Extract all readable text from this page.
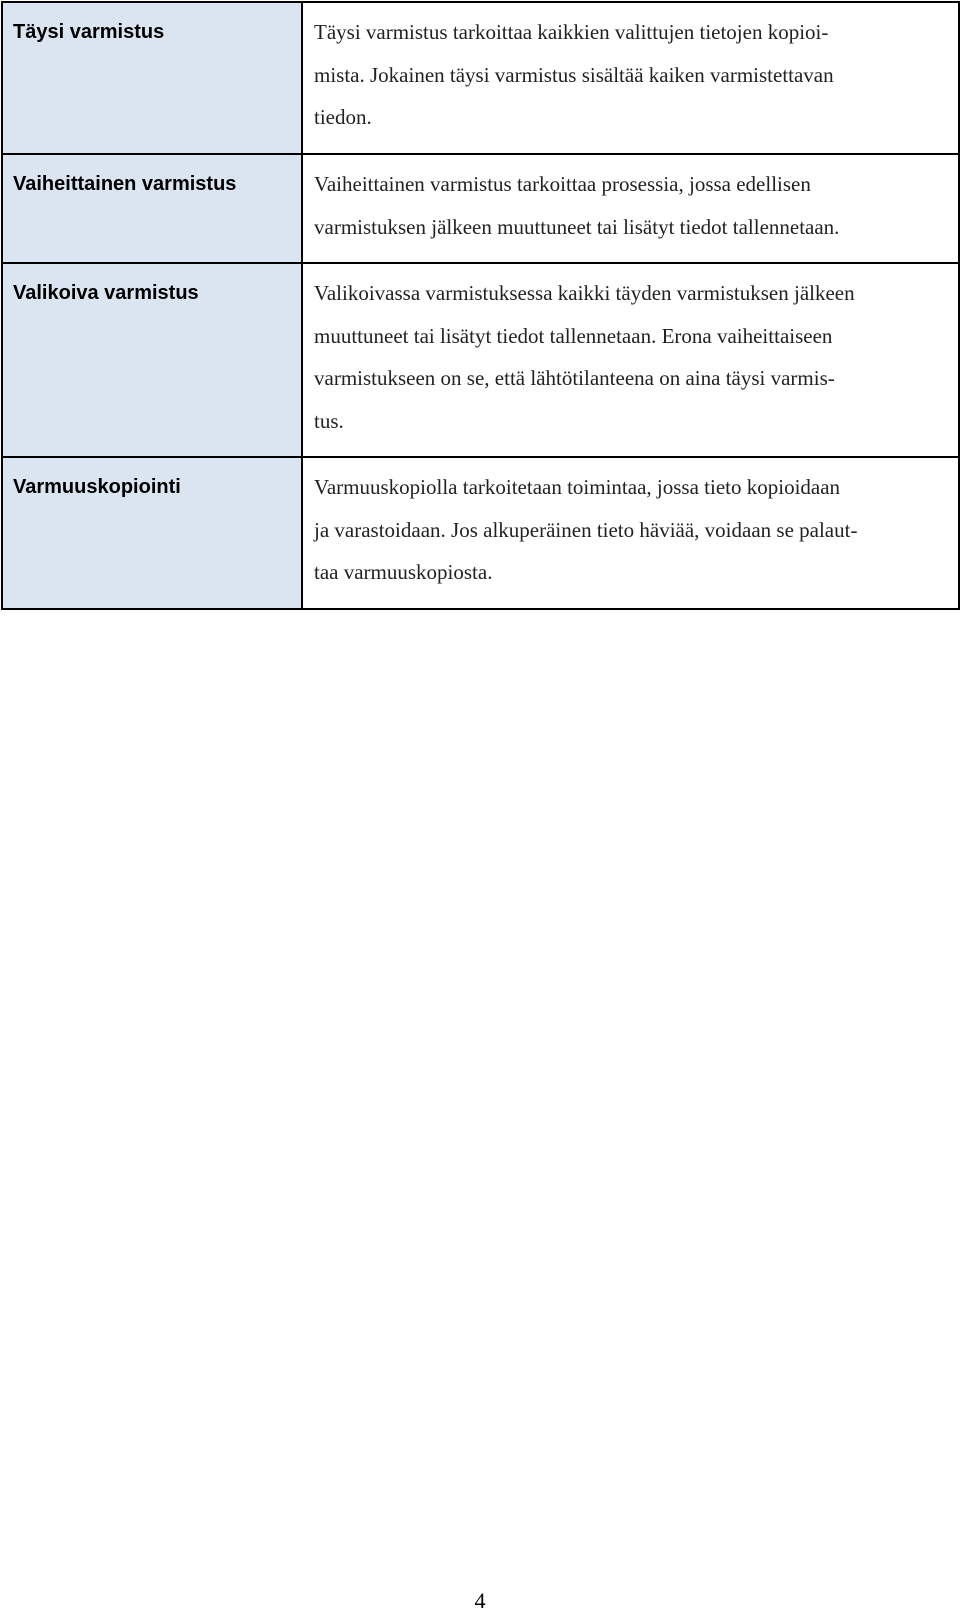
Täysi varmistus	Täysi varmistus tarkoittaa kaikkien valittujen tietojen kopioi-
mista. Jokainen täysi varmistus sisältää kaiken varmistettavan
tiedon.

Vaiheittainen varmistus	Vaiheittainen varmistus tarkoittaa prosessia, jossa edellisen
varmistuksen jälkeen muuttuneet tai lisätyt tiedot tallennetaan.

Valikoiva varmistus	Valikoivassa varmistuksessa kaikki täyden varmistuksen jälkeen
muuttuneet tai lisätyt tiedot tallennetaan. Erona vaiheittaiseen
varmistukseen on se, että lähtötilanteena on aina täysi varmis-
tus.

Varmuuskopiointi	Varmuuskopiolla tarkoitetaan toimintaa, jossa tieto kopioidaan
ja varastoidaan. Jos alkuperäinen tieto häviää, voidaan se palaut-
taa varmuuskopiosta.
4
